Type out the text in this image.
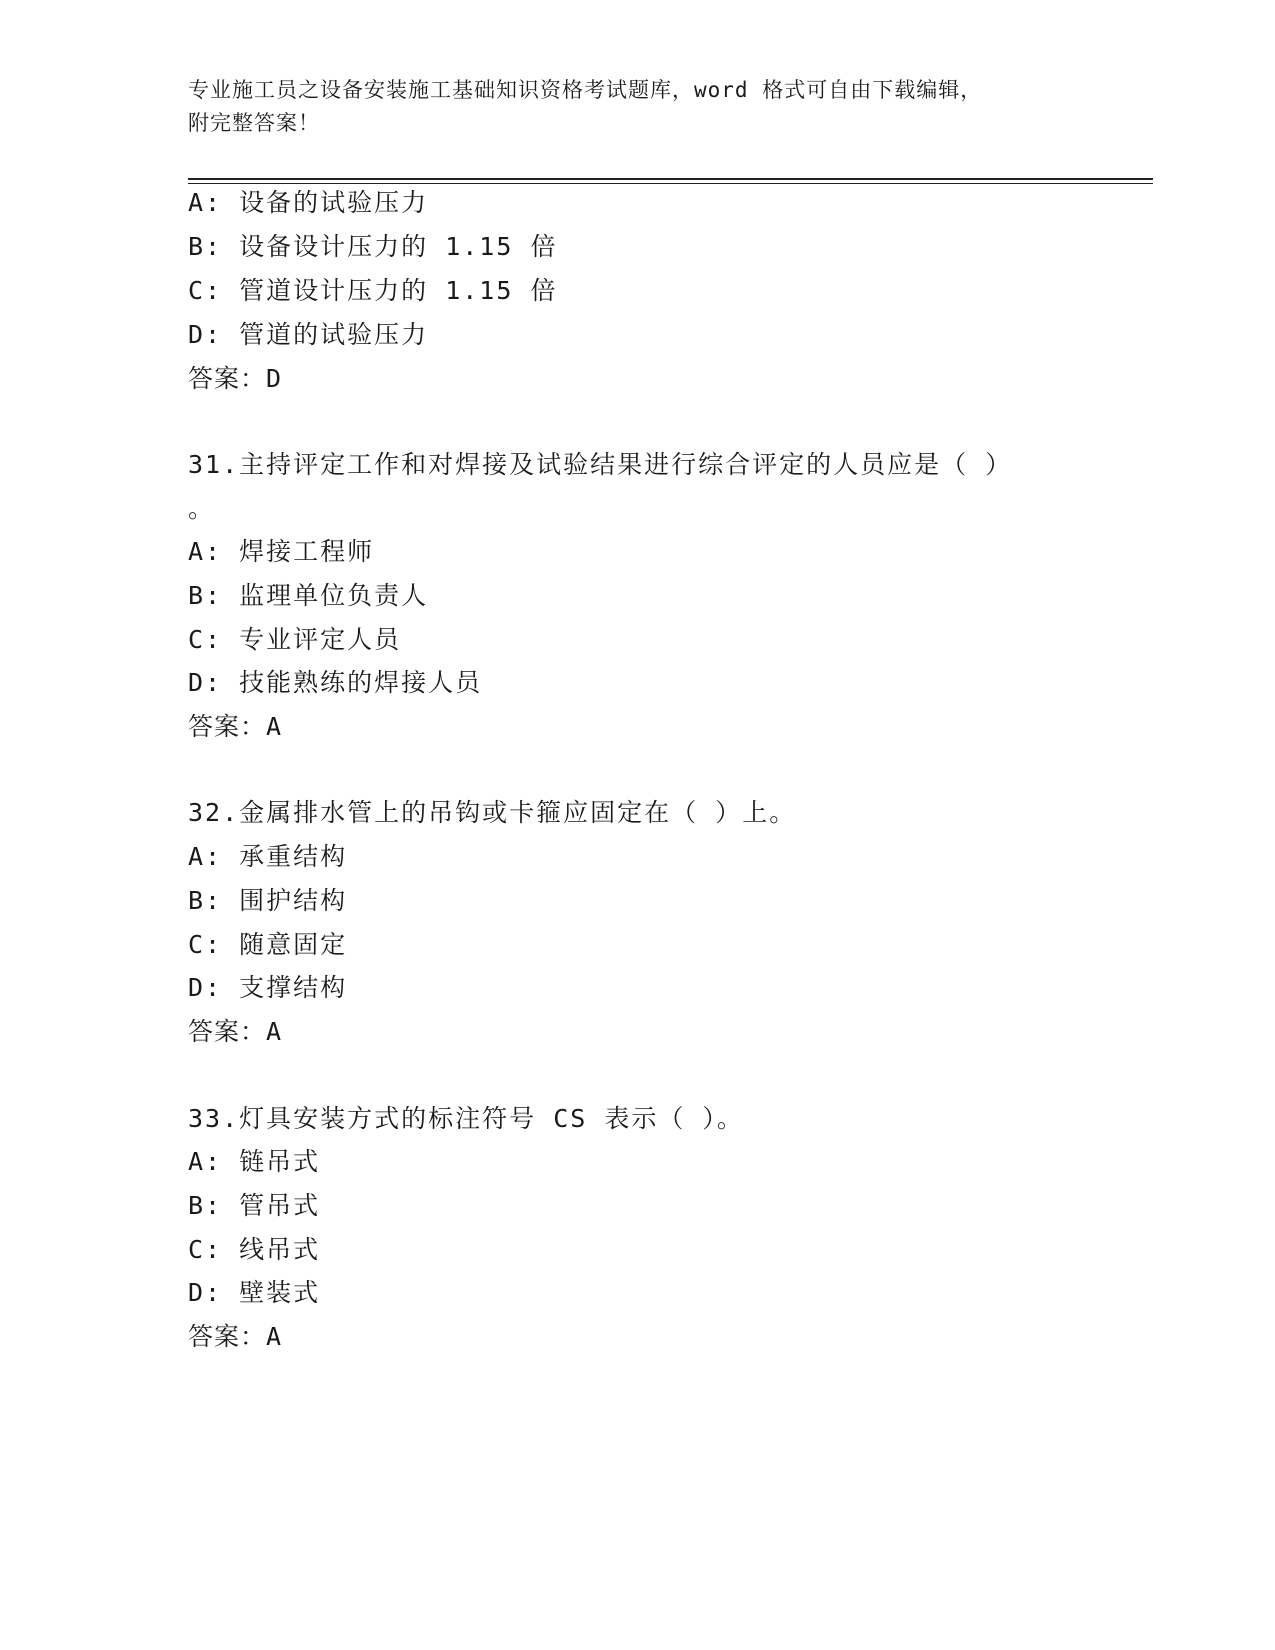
专业施工员之设备安装施工基础知识资格考试题库，word 格式可自由下载编辑，
附完整答案！
A: 设备的试验压力
B: 设备设计压力的 1.15 倍
C: 管道设计压力的 1.15 倍
D: 管道的试验压力
答案：D
31.主持评定工作和对焊接及试验结果进行综合评定的人员应是（ ）
。
A: 焊接工程师
B: 监理单位负责人
C: 专业评定人员
D: 技能熟练的焊接人员
答案：A
32.金属排水管上的吊钩或卡箍应固定在（ ）上。
A: 承重结构
B: 围护结构
C: 随意固定
D: 支撑结构
答案：A
33.灯具安装方式的标注符号 CS 表示（ ）。
A: 链吊式
B: 管吊式
C: 线吊式
D: 壁装式
答案：A
